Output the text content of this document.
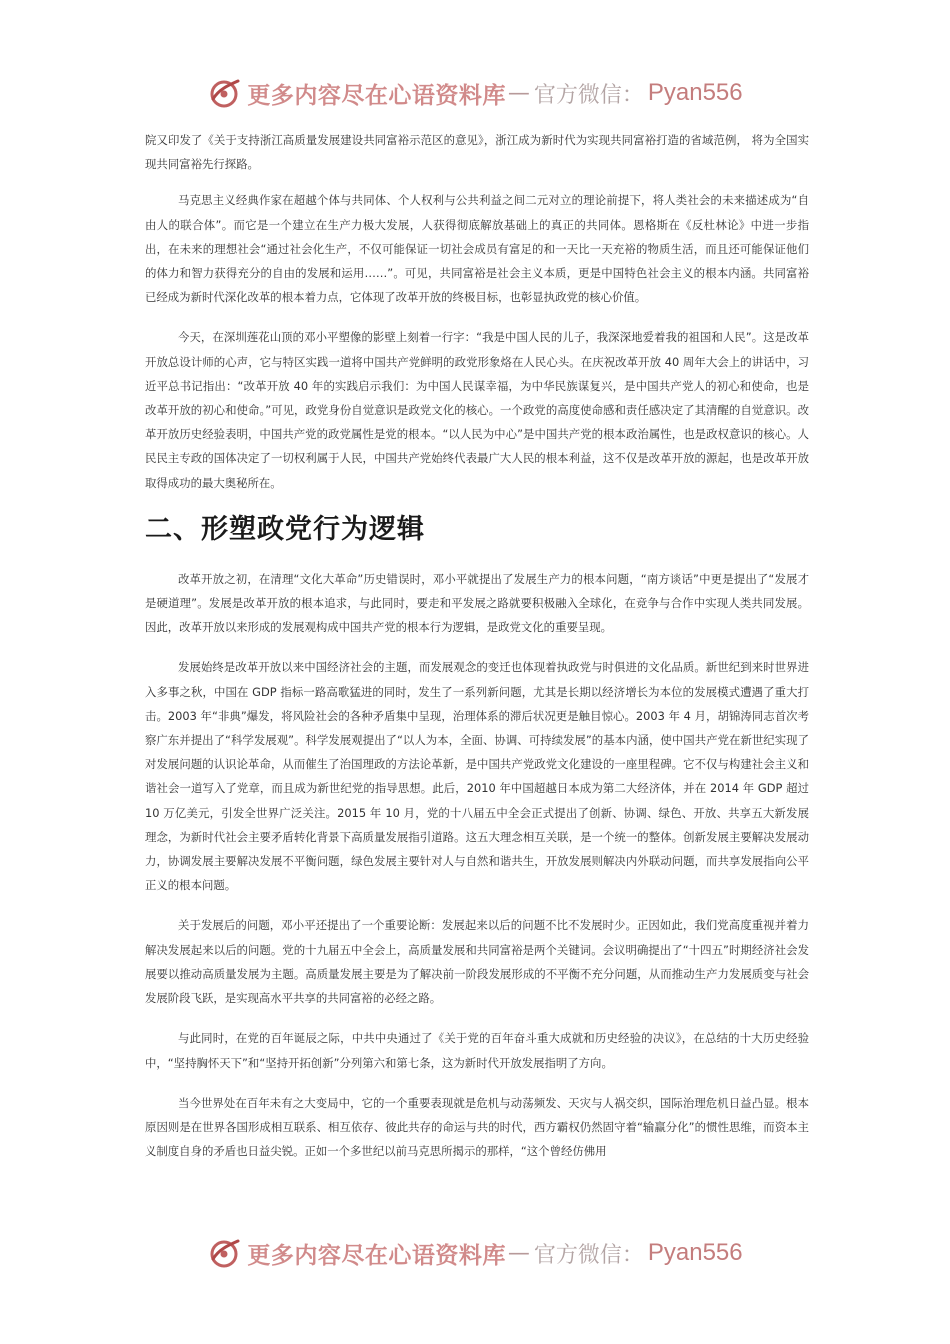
更多内容尽在心语资料库 — 官方微信： Pyan556

院又印发了《关于支持浙江高质量发展建设共同富裕示范区的意见》，浙江成为新时代为实现共同富裕打造的省域范例， 将为全国实现共同富裕先行探路。

马克思主义经典作家在超越个体与共同体、个人权利与公共利益之间二元对立的理论前提下，将人类社会的未来描述成为“自由人的联合体”。而它是一个建立在生产力极大发展，人获得彻底解放基础上的真正的共同体。恩格斯在《反杜林论》中进一步指出，在未来的理想社会“通过社会化生产，不仅可能保证一切社会成员有富足的和一天比一天充裕的物质生活，而且还可能保证他们的体力和智力获得充分的自由的发展和运用……”。可见，共同富裕是社会主义本质，更是中国特色社会主义的根本内涵。共同富裕已经成为新时代深化改革的根本着力点，它体现了改革开放的终极目标，也彰显执政党的核心价值。

今天，在深圳莲花山顶的邓小平塑像的影壁上刻着一行字：“我是中国人民的儿子，我深深地爱着我的祖国和人民”。这是改革开放总设计师的心声，它与特区实践一道将中国共产党鲜明的政党形象烙在人民心头。在庆祝改革开放 40 周年大会上的讲话中，习近平总书记指出：“改革开放 40 年的实践启示我们：为中国人民谋幸福，为中华民族谋复兴，是中国共产党人的初心和使命，也是改革开放的初心和使命。”可见，政党身份自觉意识是政党文化的核心。一个政党的高度使命感和责任感决定了其清醒的自觉意识。改革开放历史经验表明，中国共产党的政党属性是党的根本。“以人民为中心”是中国共产党的根本政治属性，也是政权意识的核心。人民民主专政的国体决定了一切权利属于人民，中国共产党始终代表最广大人民的根本利益，这不仅是改革开放的源起，也是改革开放取得成功的最大奥秘所在。

二、形塑政党行为逻辑

改革开放之初，在清理“文化大革命”历史错误时，邓小平就提出了发展生产力的根本问题，“南方谈话”中更是提出了“发展才是硬道理”。发展是改革开放的根本追求，与此同时，要走和平发展之路就要积极融入全球化，在竞争与合作中实现人类共同发展。因此，改革开放以来形成的发展观构成中国共产党的根本行为逻辑，是政党文化的重要呈现。

发展始终是改革开放以来中国经济社会的主题，而发展观念的变迁也体现着执政党与时俱进的文化品质。新世纪到来时世界进入多事之秋，中国在 GDP 指标一路高歌猛进的同时，发生了一系列新问题，尤其是长期以经济增长为本位的发展模式遭遇了重大打击。2003 年“非典”爆发，将风险社会的各种矛盾集中呈现，治理体系的滞后状况更是触目惊心。2003 年 4 月，胡锦涛同志首次考察广东并提出了“科学发展观”。科学发展观提出了“以人为本，全面、协调、可持续发展”的基本内涵，使中国共产党在新世纪实现了对发展问题的认识论革命，从而催生了治国理政的方法论革新，是中国共产党政党文化建设的一座里程碑。它不仅与构建社会主义和谐社会一道写入了党章，而且成为新世纪党的指导思想。此后，2010 年中国超越日本成为第二大经济体，并在 2014 年 GDP 超过 10 万亿美元，引发全世界广泛关注。2015 年 10 月，党的十八届五中全会正式提出了创新、协调、绿色、开放、共享五大新发展理念，为新时代社会主要矛盾转化背景下高质量发展指引道路。这五大理念相互关联，是一个统一的整体。创新发展主要解决发展动力，协调发展主要解决发展不平衡问题，绿色发展主要针对人与自然和谐共生，开放发展则解决内外联动问题，而共享发展指向公平正义的根本问题。

关于发展后的问题，邓小平还提出了一个重要论断：发展起来以后的问题不比不发展时少。正因如此，我们党高度重视并着力解决发展起来以后的问题。党的十九届五中全会上，高质量发展和共同富裕是两个关键词。会议明确提出了“十四五”时期经济社会发展要以推动高质量发展为主题。高质量发展主要是为了解决前一阶段发展形成的不平衡不充分问题，从而推动生产力发展质变与社会发展阶段飞跃，是实现高水平共享的共同富裕的必经之路。

与此同时，在党的百年诞辰之际，中共中央通过了《关于党的百年奋斗重大成就和历史经验的决议》，在总结的十大历史经验中，“坚持胸怀天下”和“坚持开拓创新”分列第六和第七条，这为新时代开放发展指明了方向。

当今世界处在百年未有之大变局中，它的一个重要表现就是危机与动荡频发、天灾与人祸交织，国际治理危机日益凸显。根本原因则是在世界各国形成相互联系、相互依存、彼此共存的命运与共的时代，西方霸权仍然固守着“输赢分化”的惯性思维，而资本主义制度自身的矛盾也日益尖锐。正如一个多世纪以前马克思所揭示的那样，“这个曾经仿佛用

更多内容尽在心语资料库 — 官方微信： Pyan556
